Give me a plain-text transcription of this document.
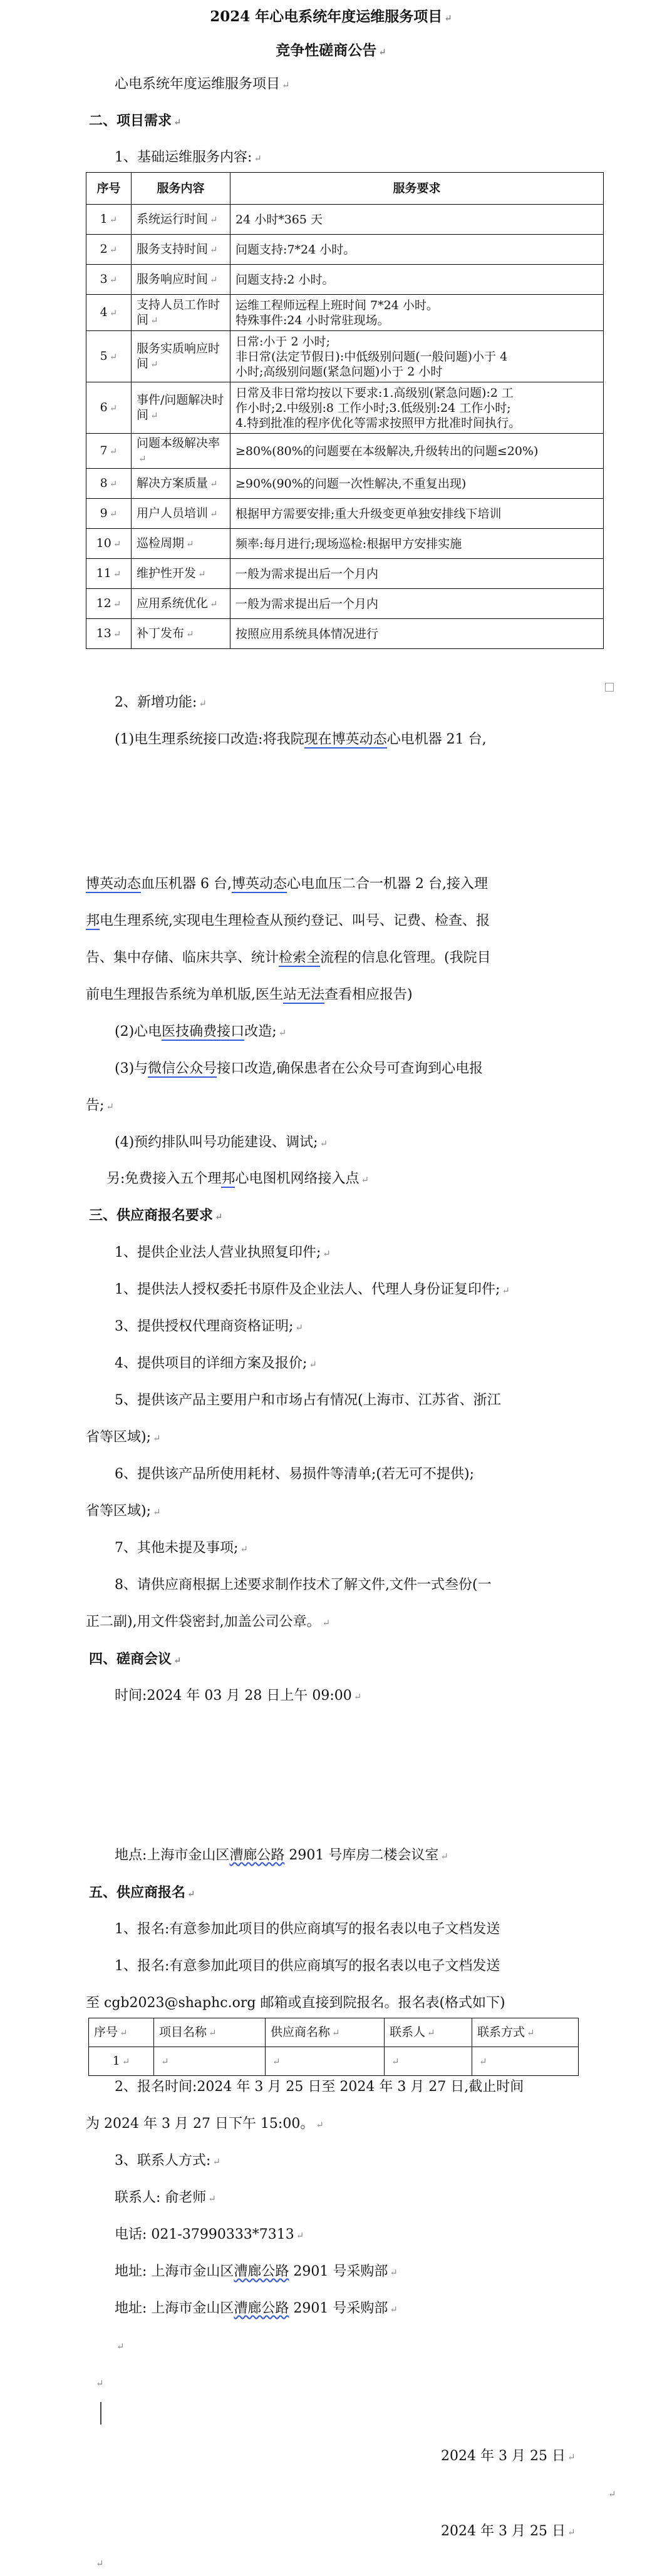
2024 年心电系统年度运维服务项目 ↵
竞争性磋商公告 ↵
心电系统年度运维服务项目 ↵
二、项目需求 ↵
1、基础运维服务内容: ↵
序号	服务内容	服务要求
1 ↵	系统运行时间 ↵	24 小时*365 天

2 ↵	服务支持时间 ↵	问题支持:7*24 小时。

3 ↵	服务响应时间 ↵	问题支持:2 小时。

4 ↵	支持人员工作时间 ↵	运维工程师远程上班时间 7*24 小时。
特殊事件:24 小时常驻现场。

5 ↵	服务实质响应时间 ↵	日常:小于 2 小时;
非日常(法定节假日):中低级别问题(一般问题)小于 4
小时;高级别问题(紧急问题)小于 2 小时

6 ↵	事件/问题解决时间 ↵	日常及非日常均按以下要求:1.高级别(紧急问题):2 工
作小时;2.中级别:8 工作小时;3.低级别:24 工作小时;
4.特到批准的程序优化等需求按照甲方批准时间执行。

7 ↵	问题本级解决率↵	≥80%(80%的问题要在本级解决,升级转出的问题≤20%)

8 ↵	解决方案质量 ↵	≥90%(90%的问题一次性解决,不重复出现)

9 ↵	用户人员培训 ↵	根据甲方需要安排;重大升级变更单独安排线下培训

10 ↵	巡检周期 ↵	频率:每月进行;现场巡检:根据甲方安排实施

11 ↵	维护性开发 ↵	一般为需求提出后一个月内

12 ↵	应用系统优化 ↵	一般为需求提出后一个月内

13 ↵	补丁发布 ↵	按照应用系统具体情况进行
2、新增功能: ↵
(1)电生理系统接口改造:将我院现在博英动态心电机器 21 台,
博英动态血压机器 6 台,博英动态心电血压二合一机器 2 台,接入理
邦电生理系统,实现电生理检查从预约登记、叫号、记费、检查、报
告、集中存储、临床共享、统计检索全流程的信息化管理。(我院目
前电生理报告系统为单机版,医生站无法查看相应报告)
(2)心电医技确费接口改造; ↵
(3)与微信公众号接口改造,确保患者在公众号可查询到心电报
告; ↵
(4)预约排队叫号功能建设、调试; ↵
另:免费接入五个理邦心电图机网络接入点 ↵
三、供应商报名要求 ↵
1、提供企业法人营业执照复印件; ↵
1、提供法人授权委托书原件及企业法人、代理人身份证复印件; ↵
3、提供授权代理商资格证明; ↵
4、提供项目的详细方案及报价; ↵
5、提供该产品主要用户和市场占有情况(上海市、江苏省、浙江
省等区域); ↵
6、提供该产品所使用耗材、易损件等清单;(若无可不提供);
省等区域); ↵
7、其他未提及事项; ↵
8、请供应商根据上述要求制作技术了解文件,文件一式叁份(一
正二副),用文件袋密封,加盖公司公章。 ↵
四、磋商会议 ↵
时间:2024 年 03 月 28 日上午 09:00 ↵
地点:上海市金山区漕廊公路 2901 号库房二楼会议室 ↵
五、供应商报名 ↵
1、报名:有意参加此项目的供应商填写的报名表以电子文档发送
1、报名:有意参加此项目的供应商填写的报名表以电子文档发送
至 cgb2023@shaphc.org 邮箱或直接到院报名。报名表(格式如下)
序号 ↵	项目名称 ↵	供应商名称 ↵	联系人 ↵	联系方式 ↵
1 ↵	↵	↵	↵	↵
2、报名时间:2024 年 3 月 25 日至 2024 年 3 月 27 日,截止时间
为 2024 年 3 月 27 日下午 15:00。 ↵
3、联系人方式: ↵
联系人: 俞老师 ↵
电话: 021-37990333*7313 ↵
地址: 上海市金山区漕廊公路 2901 号采购部 ↵
地址: 上海市金山区漕廊公路 2901 号采购部 ↵
↵
↵
2024 年 3 月 25 日 ↵
↵
2024 年 3 月 25 日 ↵
↵
